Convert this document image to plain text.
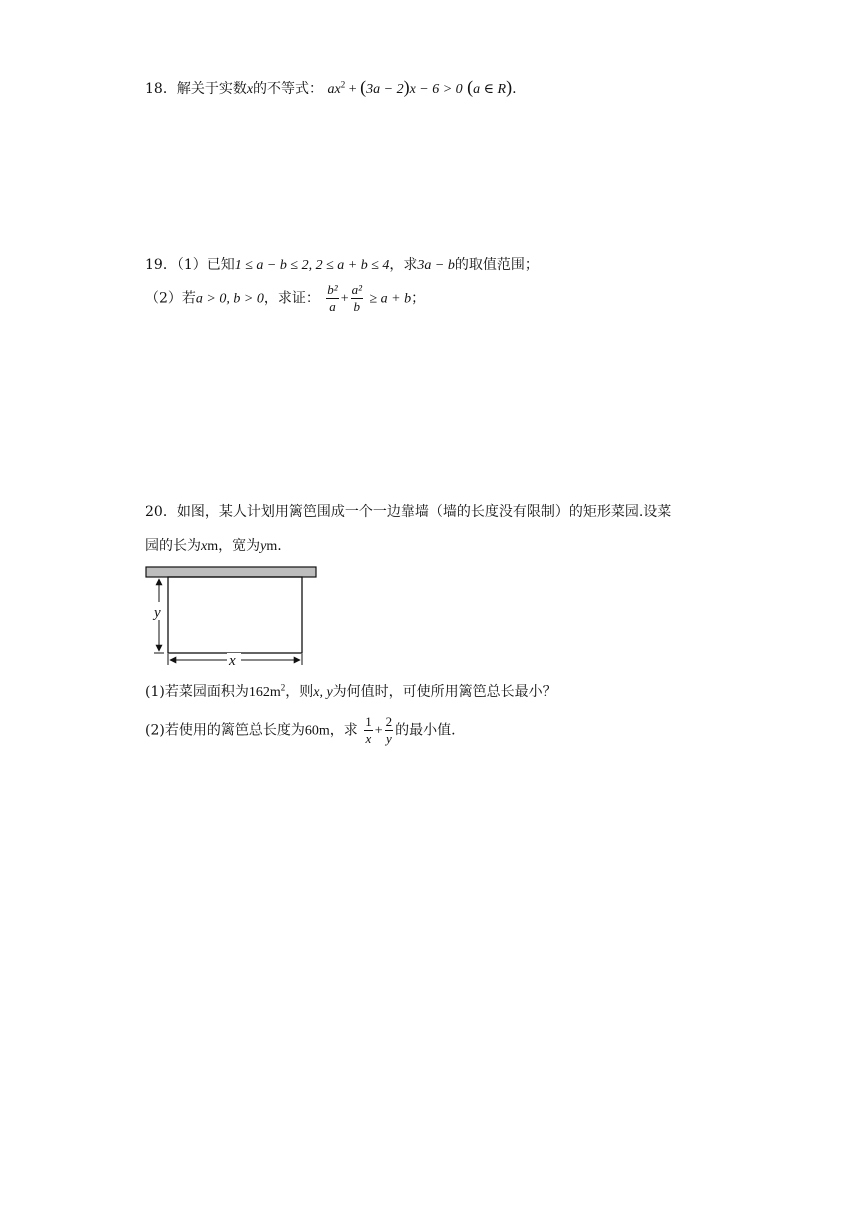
18．解关于实数x的不等式： $ax^2 + (3a - 2)x - 6 > 0$ (a ∈ R).
19．（1）已知1 ≤ a − b ≤ 2, 2 ≤ a + b ≤ 4，求3a − b的取值范围；
（2）若a > 0, b > 0，求证： $\frac{\text{b²}}{a} + \frac{\text{a²}}{b} \ge a + b$；
20．如图，某人计划用篱笆围成一个一边靠墙（墙的长度没有限制）的矩形菜园.设菜
园的长为xm，宽为ym.
y
x
(1)若菜园面积为$162m^2$，则x, y为何值时，可使所用篱笆总长最小？
(2)若使用的篱笆总长度为60m，求 $\frac{1}{x} + \frac{2}{y}$ 的最小值.
